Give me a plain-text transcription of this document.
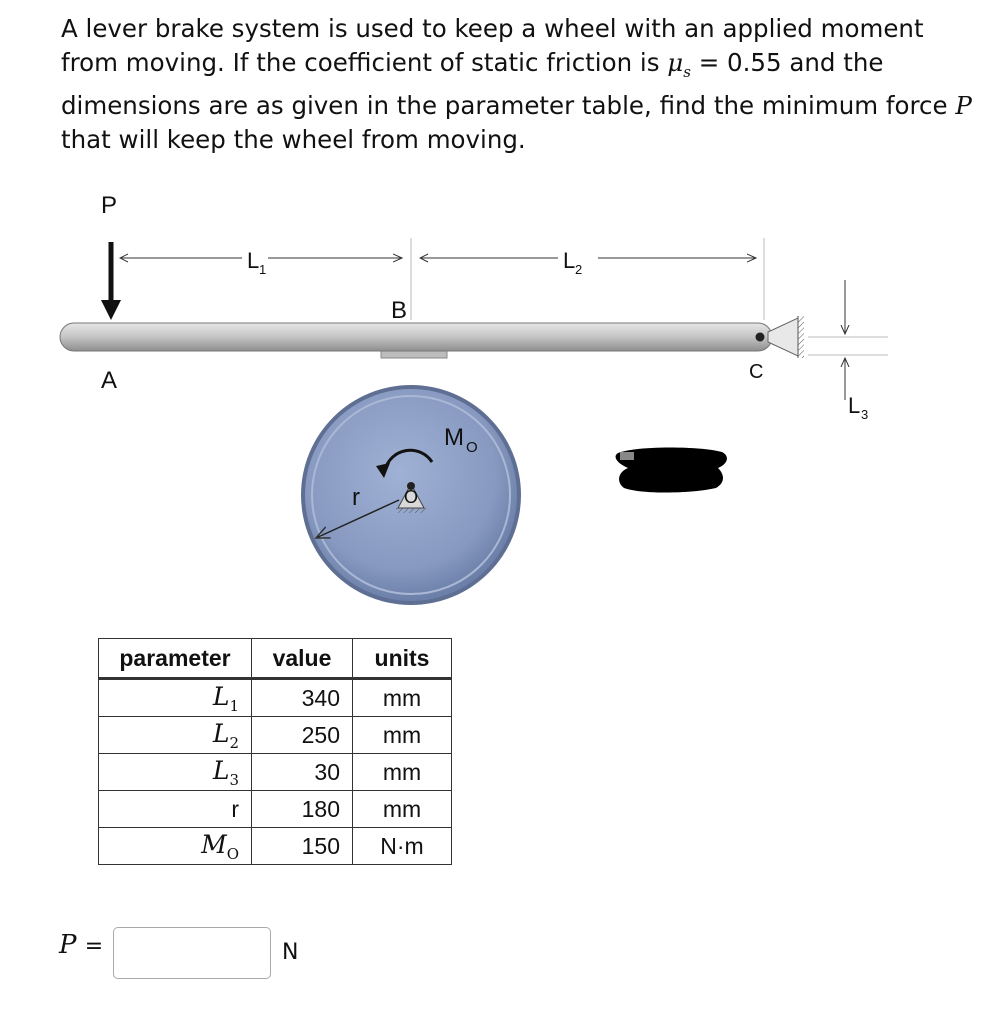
A lever brake system is used to keep a wheel with an applied moment from moving. If the coefficient of static friction is $\mu_s = 0.55$ and the dimensions are as given in the parameter table, find the minimum force P that will keep the wheel from moving.
P
A
B
C
L 1	L 2
L 3
r
M O
O
parameter	value	units
$L_1$	340	mm
$L_2$	250	mm
$L_3$	30	mm
r	180	mm
$M_O$	150	N·m
P =	N
